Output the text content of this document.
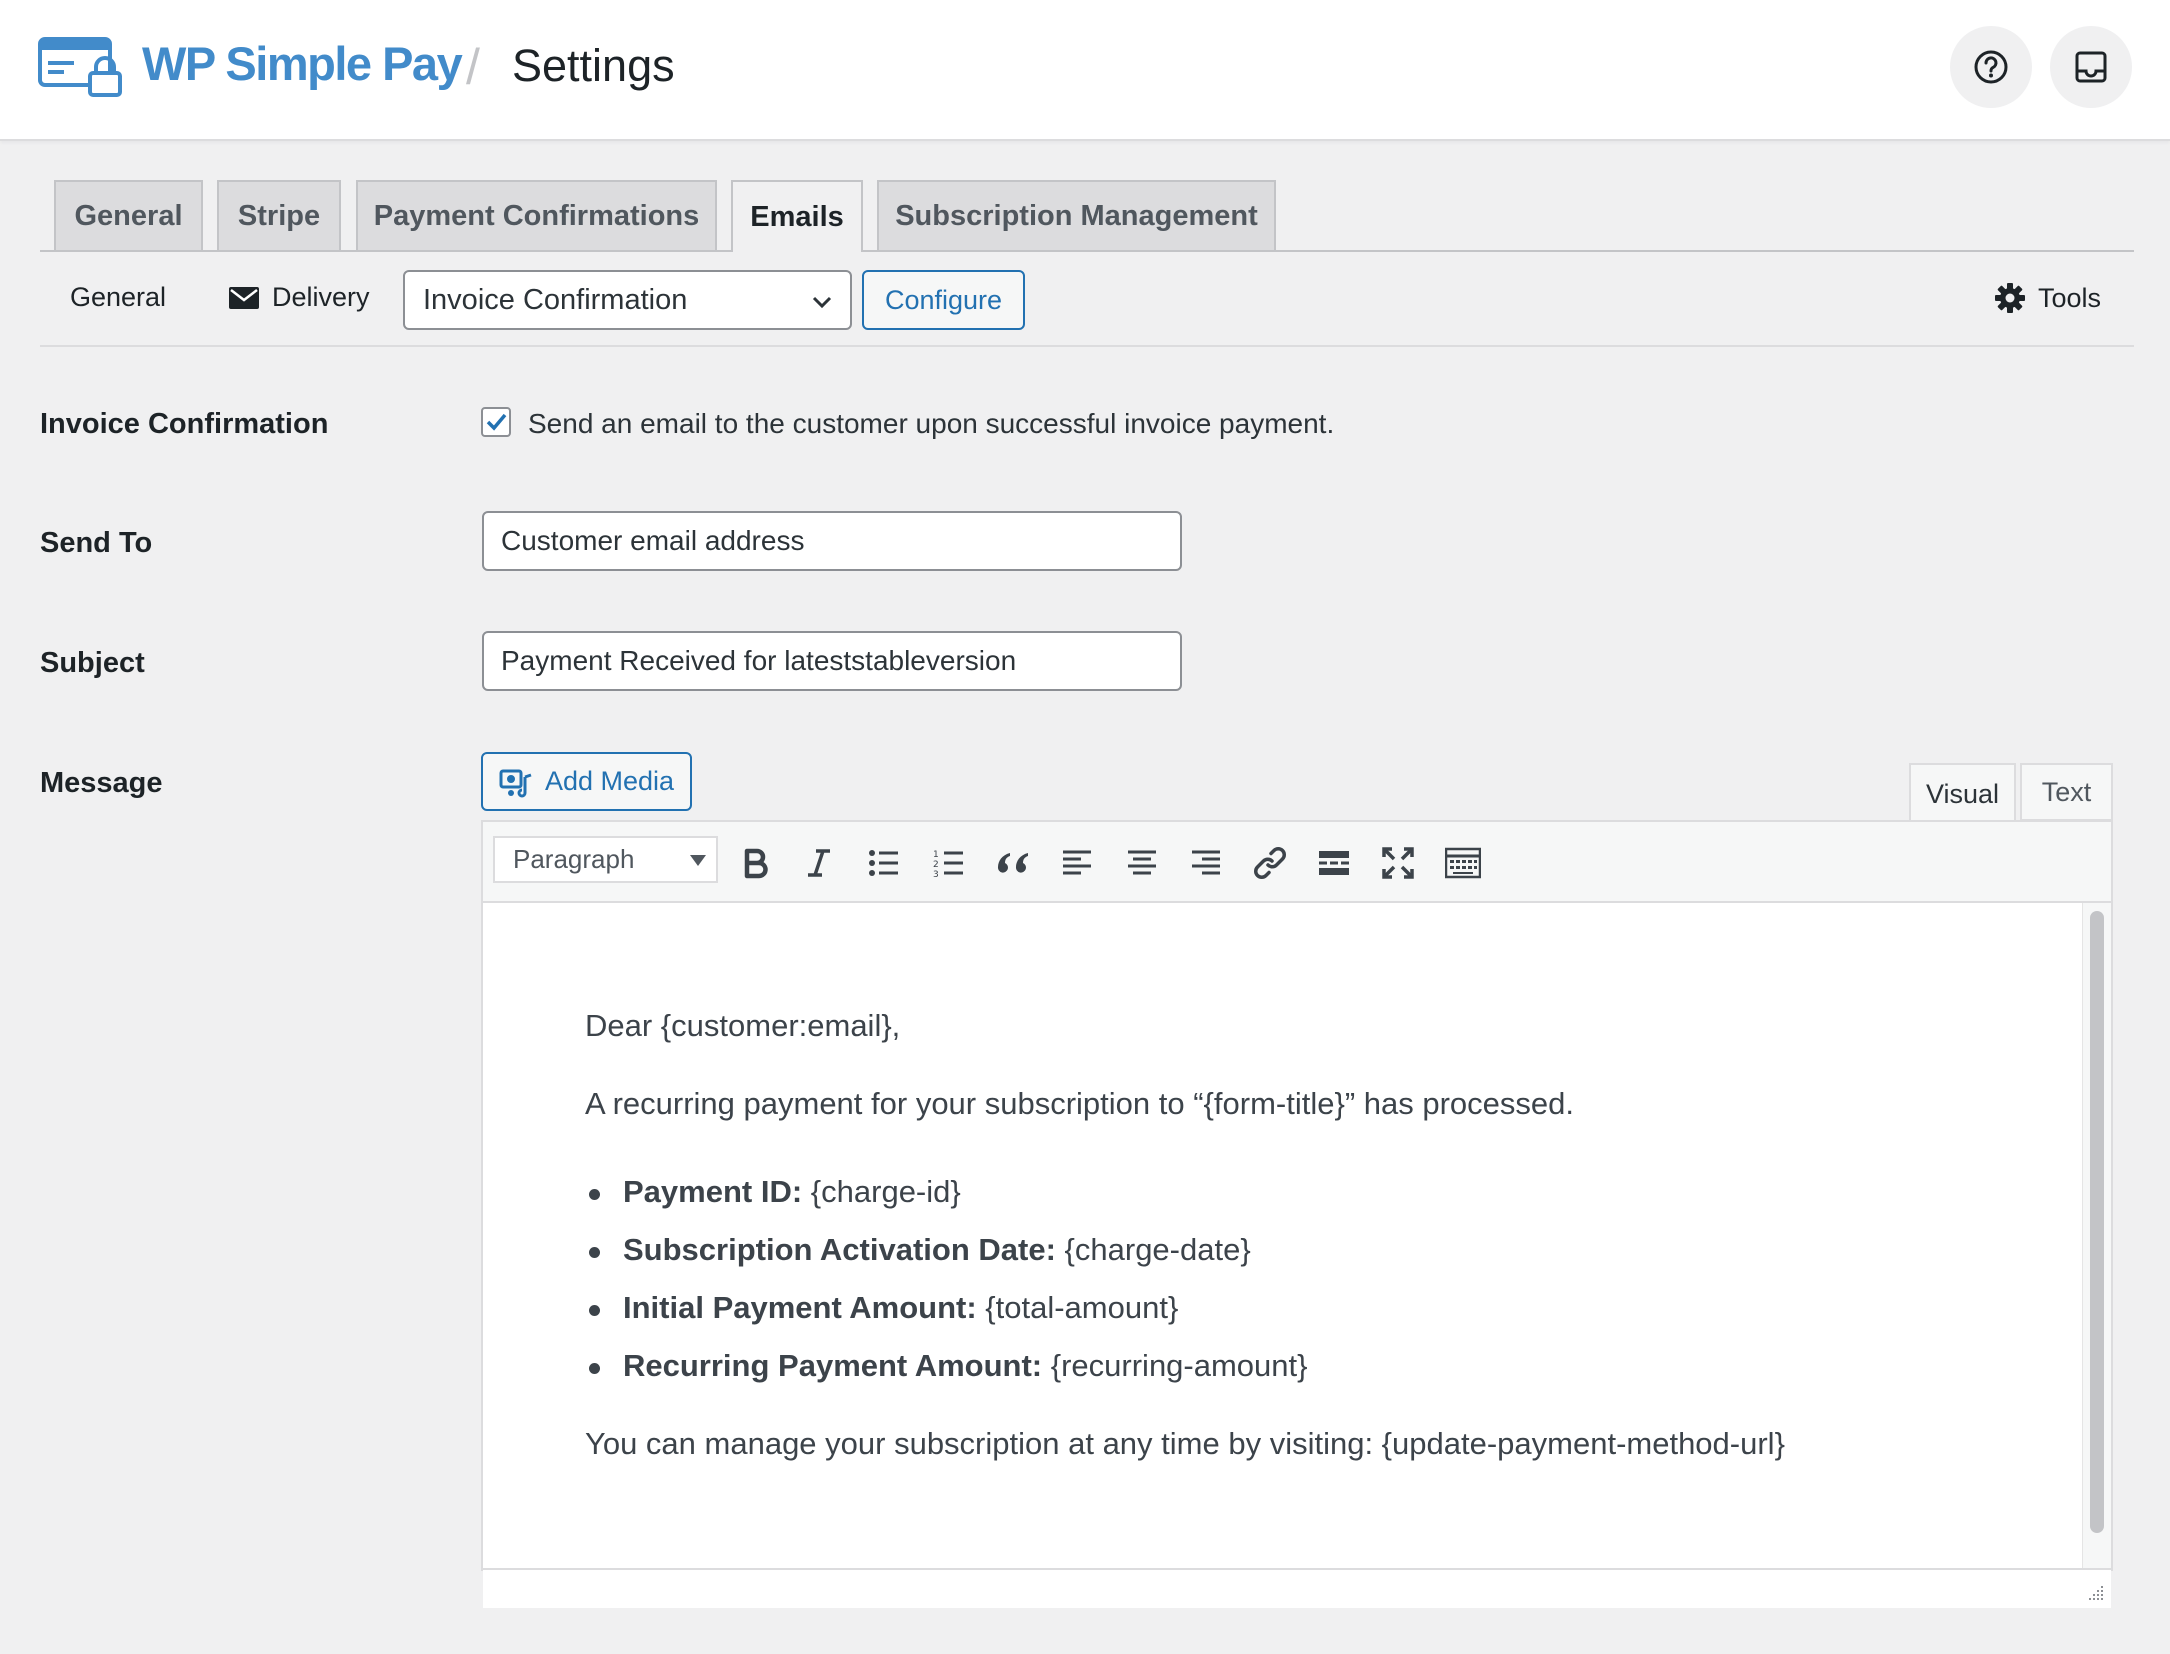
WP Simple Pay / Settings
General	Stripe	Payment Confirmations	Emails	Subscription Management
General	Delivery Invoice Confirmation	Configure	Tools
Invoice Confirmation	Send an email to the customer upon successful invoice payment.
Send To	Customer email address
Subject	Payment Received for lateststableversion
Message	Add Media	Visual	Text
Paragraph	1
2
3

Dear {customer:email},

A recurring payment for your subscription to “{form-title}” has processed.

Payment ID: {charge-id}
Subscription Activation Date: {charge-date}
Initial Payment Amount: {total-amount}
Recurring Payment Amount: {recurring-amount}

You can manage your subscription at any time by visiting: {update-payment-method-url}
